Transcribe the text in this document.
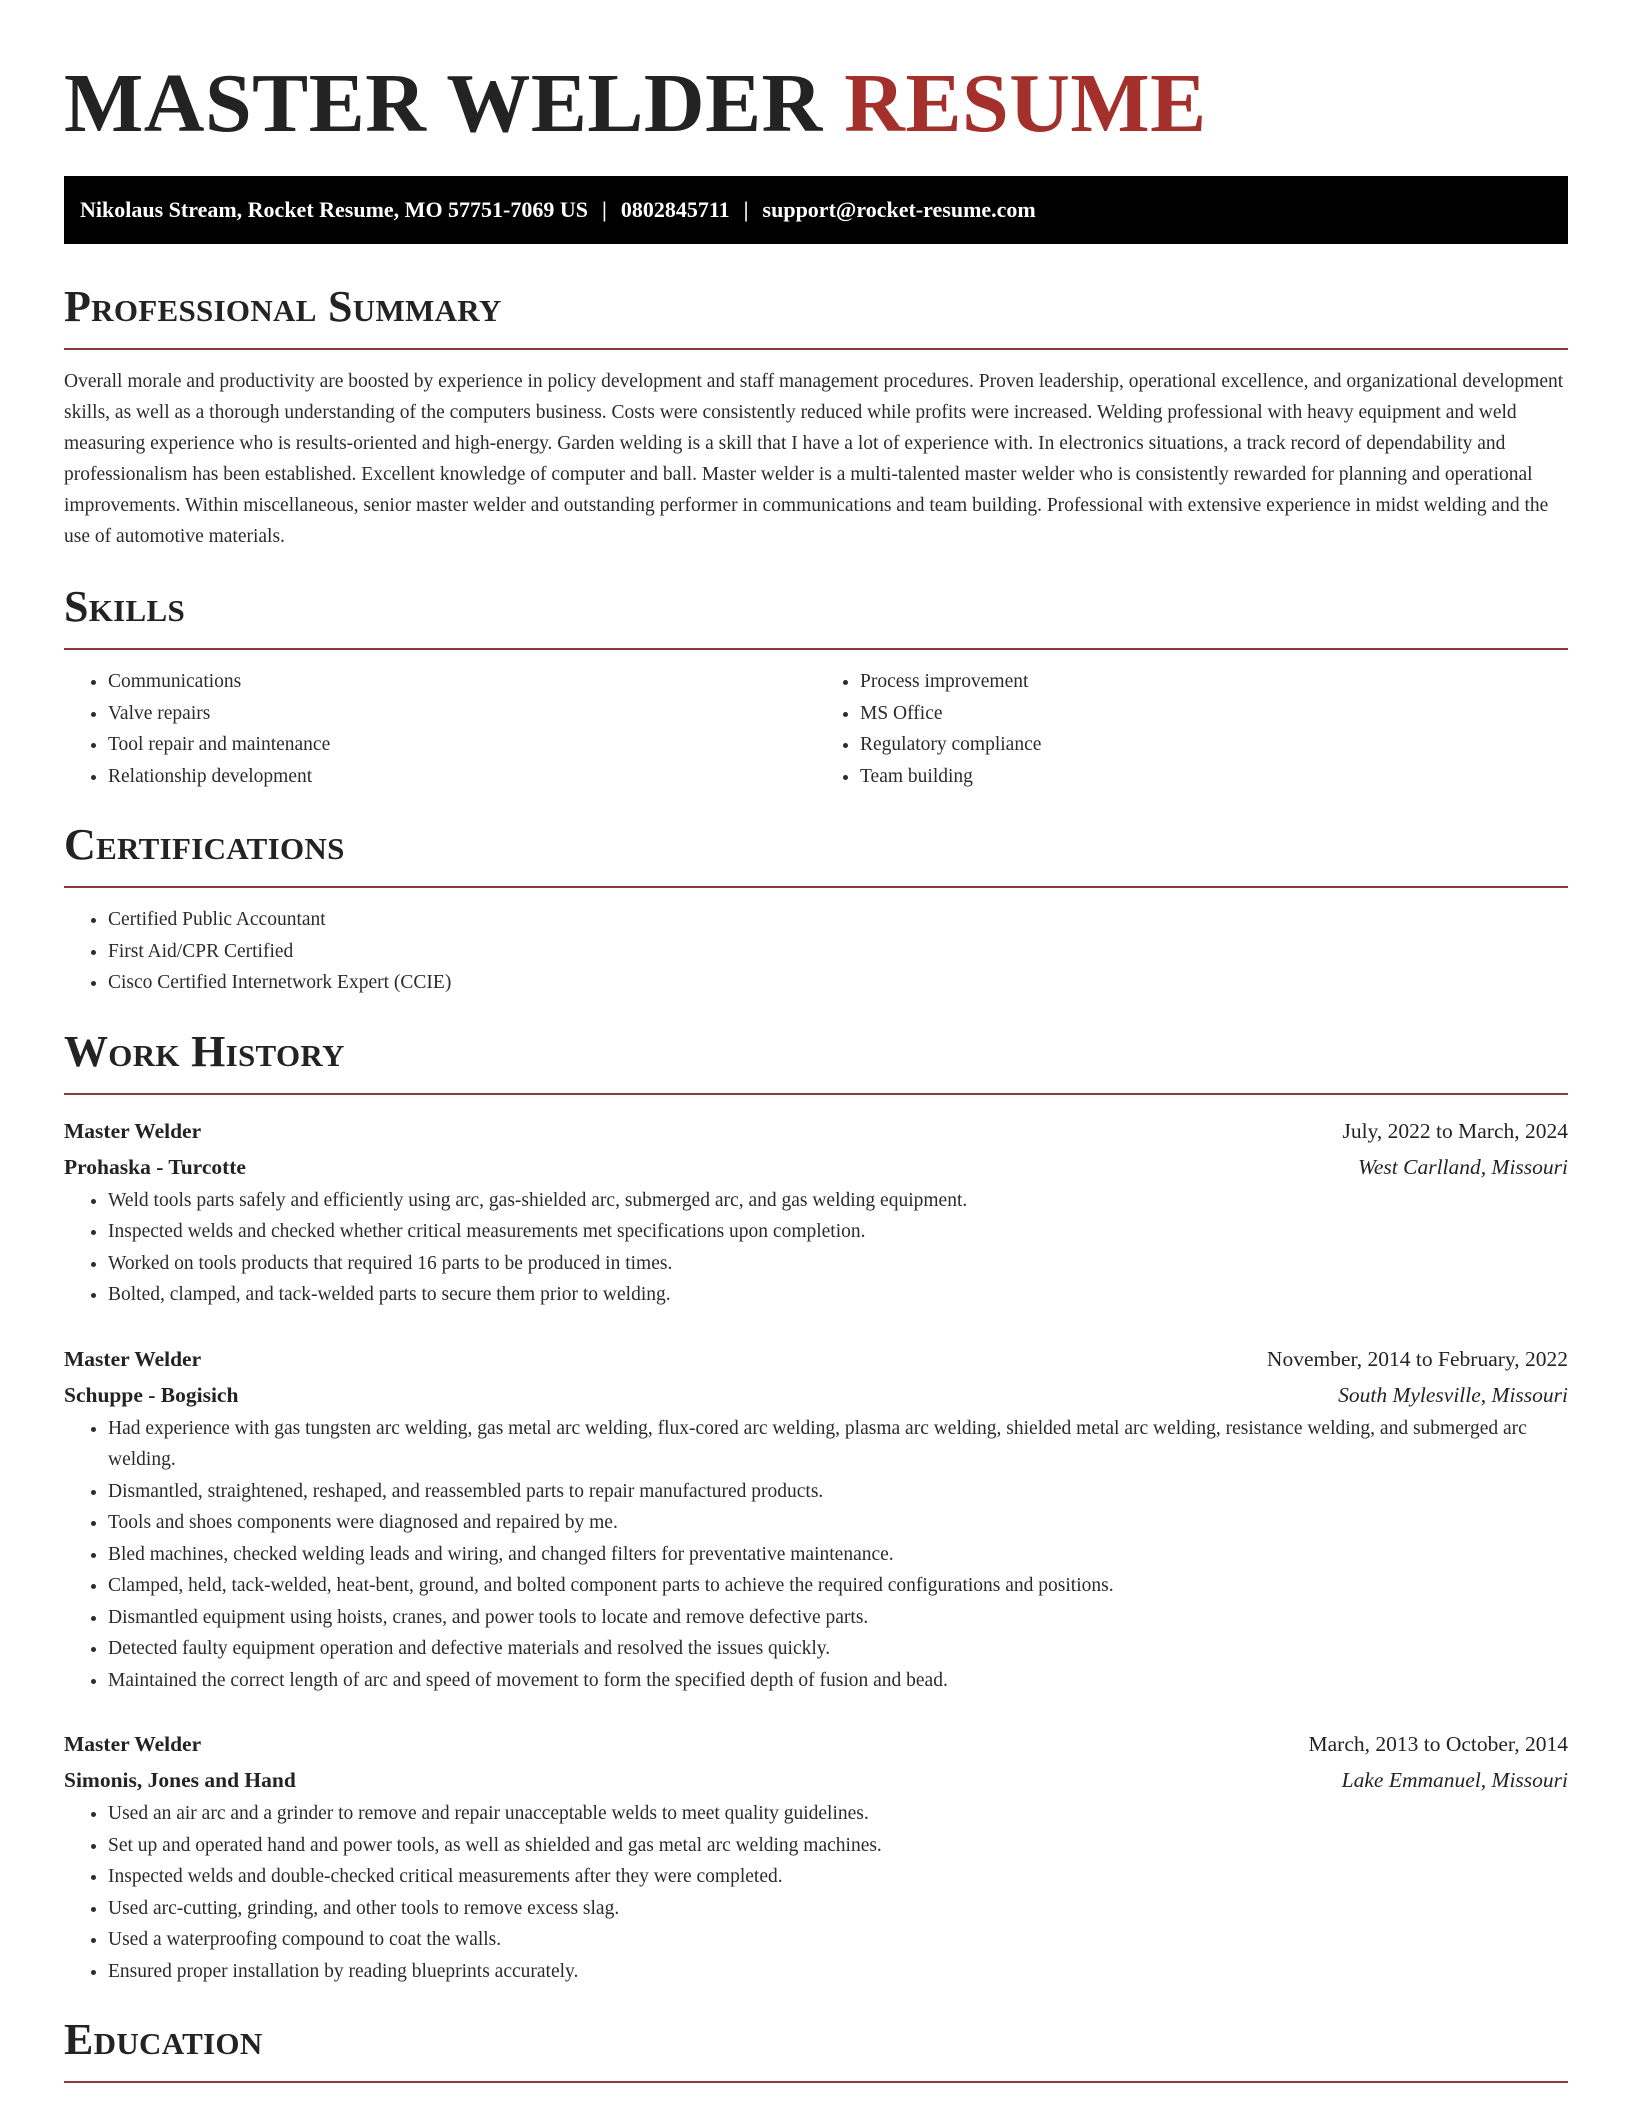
MASTER WELDER RESUME
Nikolaus Stream, Rocket Resume, MO 57751-7069 US | 0802845711 | support@rocket-resume.com
Professional Summary

Overall morale and productivity are boosted by experience in policy development and staff management procedures. Proven leadership, operational excellence, and organizational development skills, as well as a thorough understanding of the computers business. Costs were consistently reduced while profits were increased. Welding professional with heavy equipment and weld measuring experience who is results-oriented and high-energy. Garden welding is a skill that I have a lot of experience with. In electronics situations, a track record of dependability and professionalism has been established. Excellent knowledge of computer and ball. Master welder is a multi-talented master welder who is consistently rewarded for planning and operational improvements. Within miscellaneous, senior master welder and outstanding performer in communications and team building. Professional with extensive experience in midst welding and the use of automotive materials.

Skills
• Communications
• Valve repairs
• Tool repair and maintenance
• Relationship development
• Process improvement
• MS Office
• Regulatory compliance
• Team building
Certifications
• Certified Public Accountant
• First Aid/CPR Certified
• Cisco Certified Internetwork Expert (CCIE)
Work History
Master Welder	July, 2022 to March, 2024
Prohaska - Turcotte	West Carlland, Missouri
• Weld tools parts safely and efficiently using arc, gas-shielded arc, submerged arc, and gas welding equipment.
• Inspected welds and checked whether critical measurements met specifications upon completion.
• Worked on tools products that required 16 parts to be produced in times.
• Bolted, clamped, and tack-welded parts to secure them prior to welding.
Master Welder	November, 2014 to February, 2022
Schuppe - Bogisich	South Mylesville, Missouri
• Had experience with gas tungsten arc welding, gas metal arc welding, flux-cored arc welding, plasma arc welding, shielded metal arc welding, resistance welding, and submerged arc welding.
• Dismantled, straightened, reshaped, and reassembled parts to repair manufactured products.
• Tools and shoes components were diagnosed and repaired by me.
• Bled machines, checked welding leads and wiring, and changed filters for preventative maintenance.
• Clamped, held, tack-welded, heat-bent, ground, and bolted component parts to achieve the required configurations and positions.
• Dismantled equipment using hoists, cranes, and power tools to locate and remove defective parts.
• Detected faulty equipment operation and defective materials and resolved the issues quickly.
• Maintained the correct length of arc and speed of movement to form the specified depth of fusion and bead.
Master Welder	March, 2013 to October, 2014
Simonis, Jones and Hand	Lake Emmanuel, Missouri
• Used an air arc and a grinder to remove and repair unacceptable welds to meet quality guidelines.
• Set up and operated hand and power tools, as well as shielded and gas metal arc welding machines.
• Inspected welds and double-checked critical measurements after they were completed.
• Used arc-cutting, grinding, and other tools to remove excess slag.
• Used a waterproofing compound to coat the walls.
• Ensured proper installation by reading blueprints accurately.
Education
